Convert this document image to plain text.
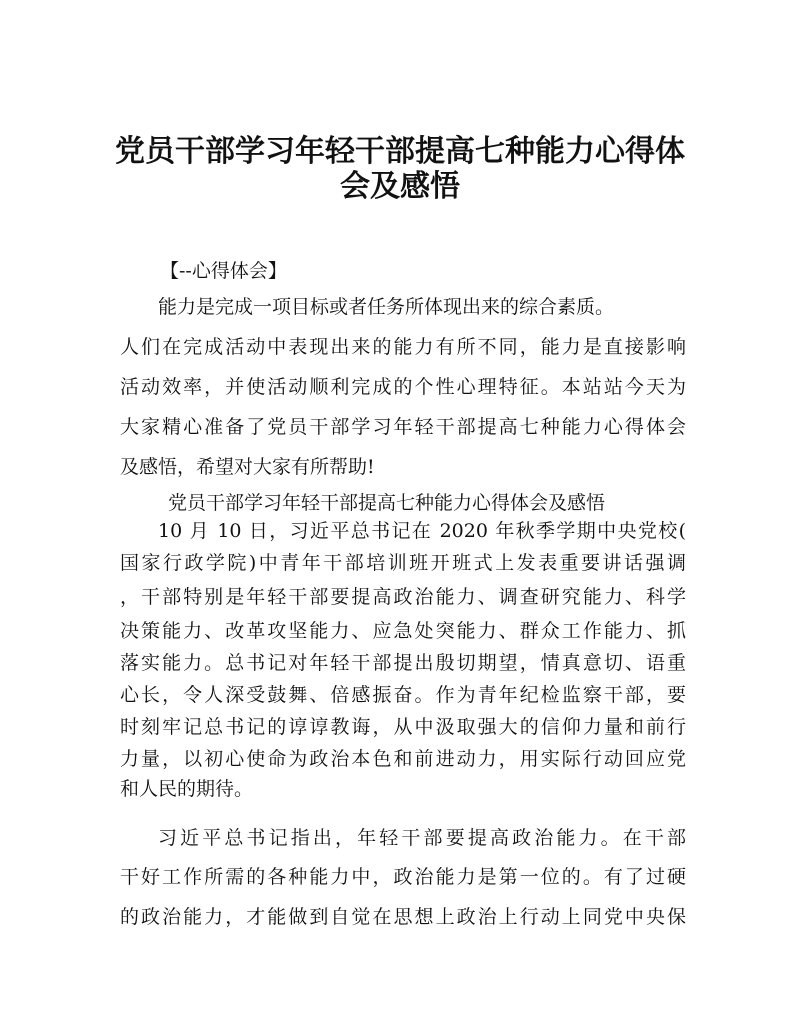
党员干部学习年轻干部提高七种能力心得体
会及感悟

【--心得体会】

能力是完成一项目标或者任务所体现出来的综合素质。

人们在完成活动中表现出来的能力有所不同，能力是直接影响

活动效率，并使活动顺利完成的个性心理特征。本站站今天为

大家精心准备了党员干部学习年轻干部提高七种能力心得体会

及感悟，希望对大家有所帮助!

党员干部学习年轻干部提高七种能力心得体会及感悟

10 月 10 日，习近平总书记在 2020 年秋季学期中央党校(

国家行政学院)中青年干部培训班开班式上发表重要讲话强调

，干部特别是年轻干部要提高政治能力、调查研究能力、科学

决策能力、改革攻坚能力、应急处突能力、群众工作能力、抓

落实能力。总书记对年轻干部提出殷切期望，情真意切、语重

心长，令人深受鼓舞、倍感振奋。作为青年纪检监察干部，要

时刻牢记总书记的谆谆教诲，从中汲取强大的信仰力量和前行

力量，以初心使命为政治本色和前进动力，用实际行动回应党

和人民的期待。

习近平总书记指出，年轻干部要提高政治能力。在干部

干好工作所需的各种能力中，政治能力是第一位的。有了过硬

的政治能力，才能做到自觉在思想上政治上行动上同党中央保
